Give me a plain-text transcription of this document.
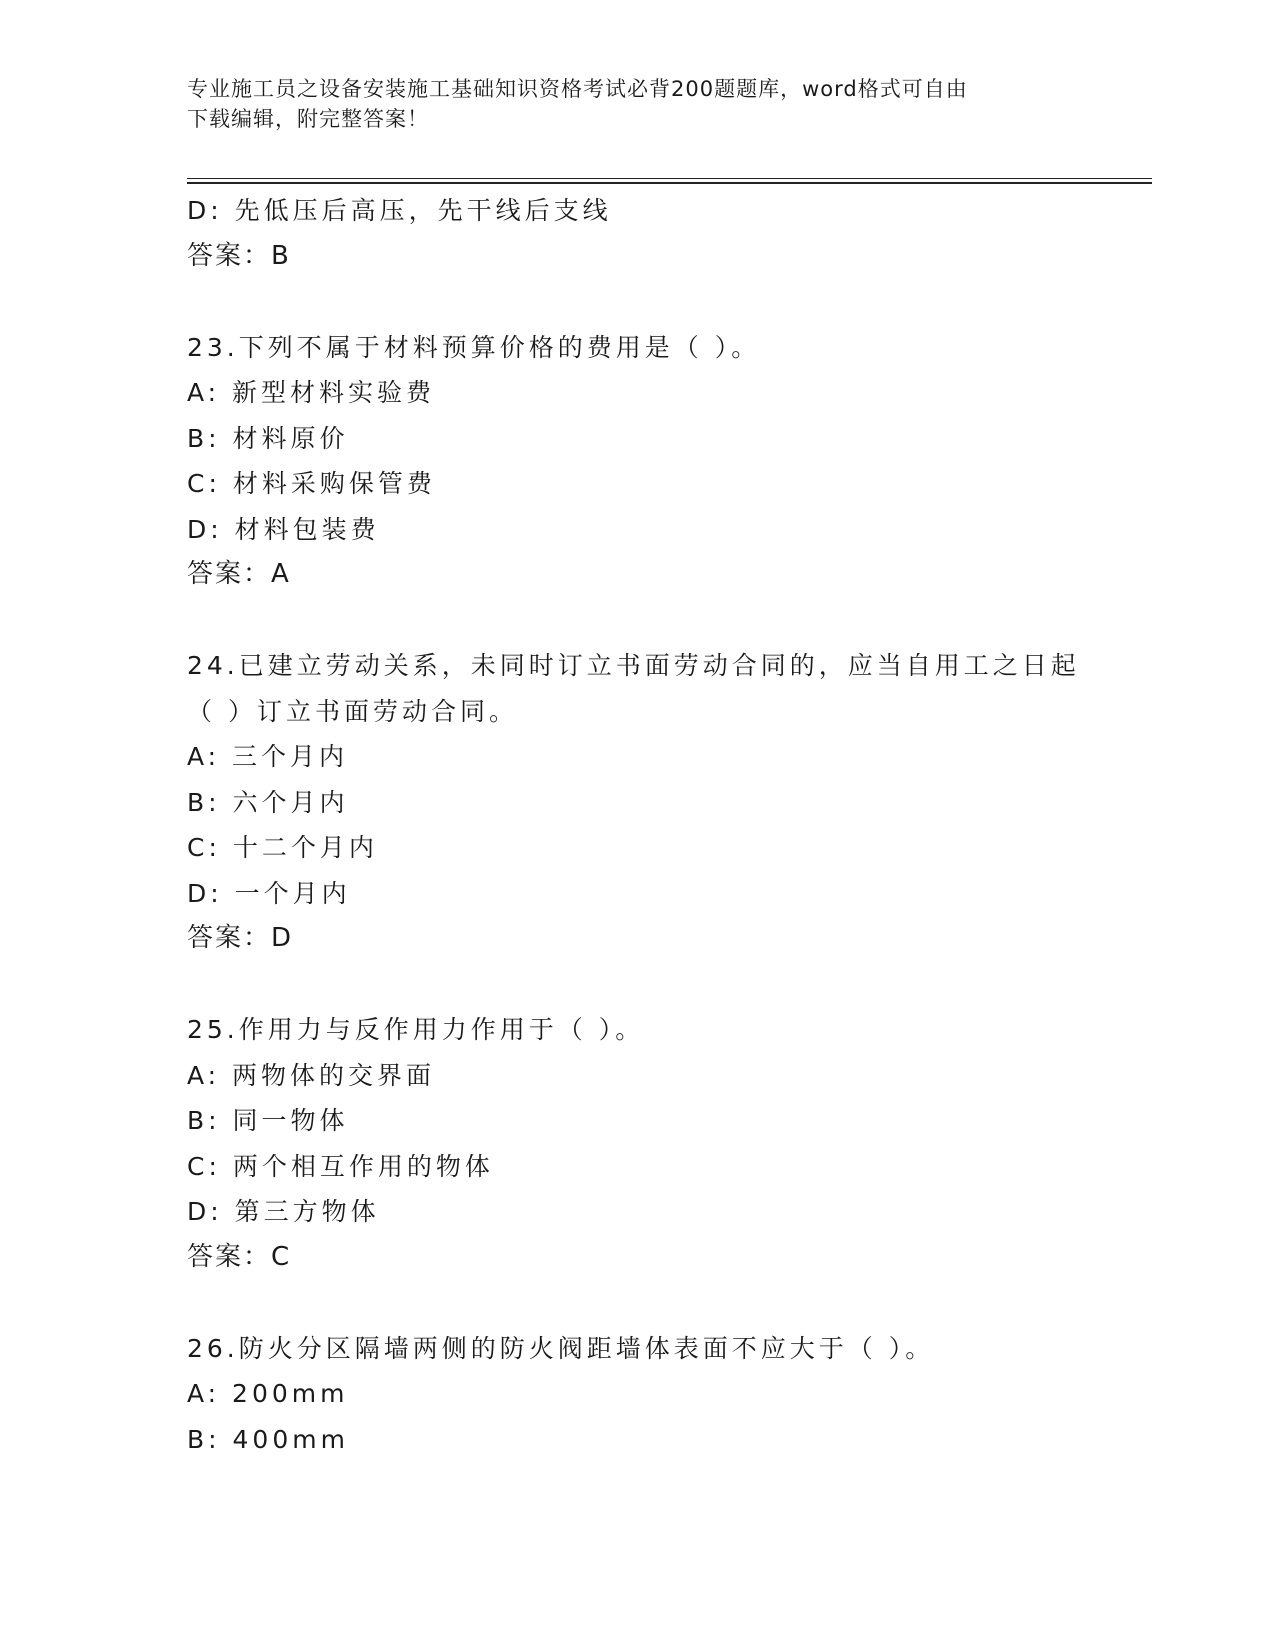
专业施工员之设备安装施工基础知识资格考试必背200题题库，word格式可自由
下载编辑，附完整答案！
D: 先低压后高压，先干线后支线
答案：B
23.下列不属于材料预算价格的费用是（ ）。
A: 新型材料实验费
B: 材料原价
C: 材料采购保管费
D: 材料包装费
答案：A
24.已建立劳动关系，未同时订立书面劳动合同的，应当自用工之日起
（ ）订立书面劳动合同。
A: 三个月内
B: 六个月内
C: 十二个月内
D: 一个月内
答案：D
25.作用力与反作用力作用于（ ）。
A: 两物体的交界面
B: 同一物体
C: 两个相互作用的物体
D: 第三方物体
答案：C
26.防火分区隔墙两侧的防火阀距墙体表面不应大于（ ）。
A: 200mm
B: 400mm
